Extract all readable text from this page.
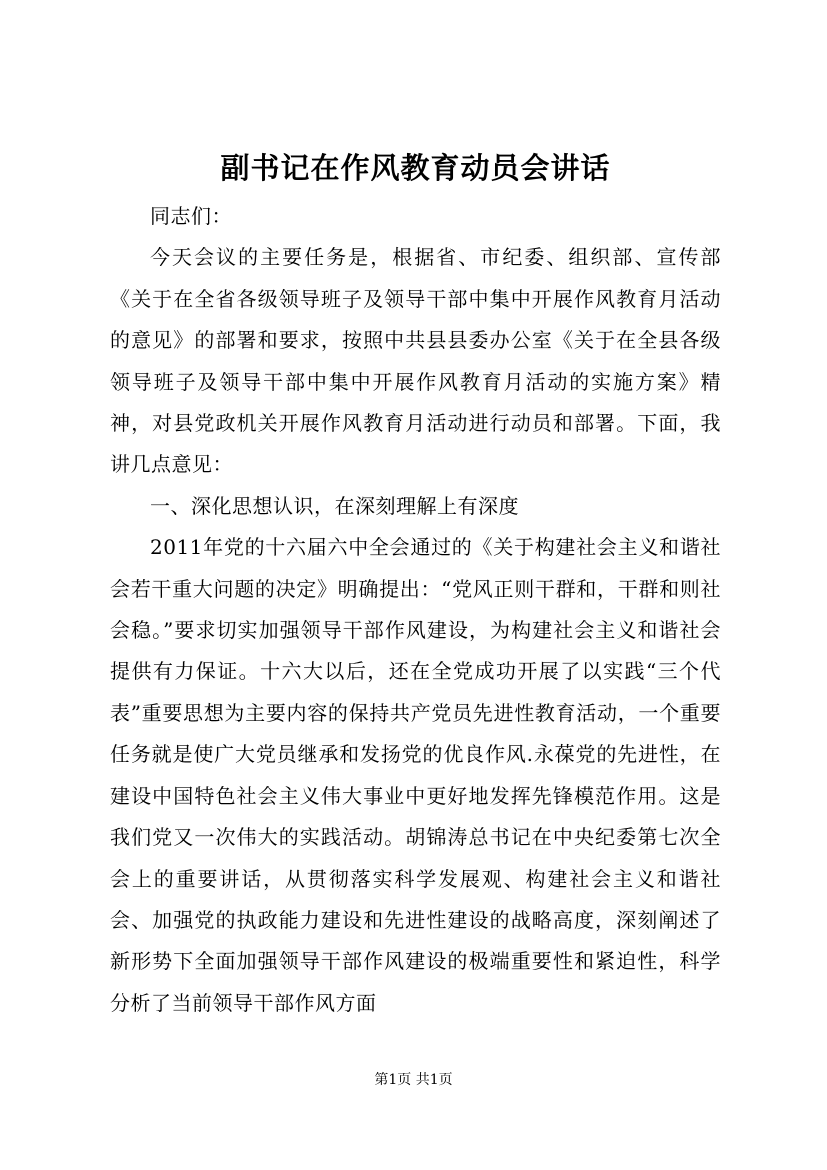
副书记在作风教育动员会讲话

同志们：

今天会议的主要任务是，根据省、市纪委、组织部、宣传部《关于在全省各级领导班子及领导干部中集中开展作风教育月活动的意见》的部署和要求，按照中共县县委办公室《关于在全县各级领导班子及领导干部中集中开展作风教育月活动的实施方案》精神，对县党政机关开展作风教育月活动进行动员和部署。下面，我讲几点意见：

一、深化思想认识，在深刻理解上有深度

2011年党的十六届六中全会通过的《关于构建社会主义和谐社会若干重大问题的决定》明确提出：“党风正则干群和，干群和则社会稳。”要求切实加强领导干部作风建设，为构建社会主义和谐社会提供有力保证。十六大以后，还在全党成功开展了以实践“三个代表”重要思想为主要内容的保持共产党员先进性教育活动，一个重要任务就是使广大党员继承和发扬党的优良作风.永葆党的先进性，在建设中国特色社会主义伟大事业中更好地发挥先锋模范作用。这是我们党又一次伟大的实践活动。胡锦涛总书记在中央纪委第七次全会上的重要讲话，从贯彻落实科学发展观、构建社会主义和谐社会、加强党的执政能力建设和先进性建设的战略高度，深刻阐述了新形势下全面加强领导干部作风建设的极端重要性和紧迫性，科学分析了当前领导干部作风方面

第1页 共1页
